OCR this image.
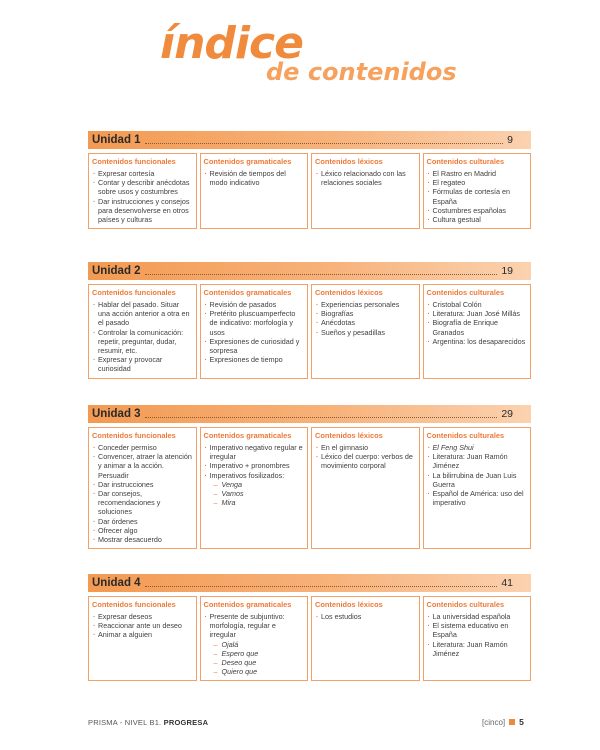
índice
de contenidos
Unidad 1	9
Contenidos funcionales
· Expresar cortesía
· Contar y describir anécdotas sobre usos y costumbres
· Dar instrucciones y consejos para desenvolverse en otros países y culturas
Contenidos gramaticales
· Revisión de tiempos del modo indicativo
Contenidos léxicos
· Léxico relacionado con las relaciones sociales
Contenidos culturales
· El Rastro en Madrid
· El regateo
· Fórmulas de cortesía en España
· Costumbres españolas
· Cultura gestual
Unidad 2	19
Contenidos funcionales
· Hablar del pasado. Situar una acción anterior a otra en el pasado
· Controlar la comunicación: repetir, preguntar, dudar, resumir, etc.
· Expresar y provocar curiosidad
Contenidos gramaticales
· Revisión de pasados
· Pretérito pluscuamperfecto de indicativo: morfología y usos
· Expresiones de curiosidad y sorpresa
· Expresiones de tiempo
Contenidos léxicos
· Experiencias personales
· Biografías
· Anécdotas
· Sueños y pesadillas
Contenidos culturales
· Cristobal Colón
· Literatura: Juan José Millás
· Biografía de Enrique Granados
· Argentina: los desaparecidos
Unidad 3	29
Contenidos funcionales
· Conceder permiso
· Convencer, atraer la atención y animar a la acción. Persuadir
· Dar instrucciones
· Dar consejos, recomendaciones y soluciones
· Dar órdenes
· Ofrecer algo
· Mostrar desacuerdo
Contenidos gramaticales
· Imperativo negativo regular e irregular
· Imperativo + pronombres
· Imperativos fosilizados:
– Venga
– Vamos
– Mira
Contenidos léxicos
· En el gimnasio
· Léxico del cuerpo: verbos de movimiento corporal
Contenidos culturales
· El Feng Shui
· Literatura: Juan Ramón Jiménez
· La bilirrubina de Juan Luis Guerra
· Español de América: uso del imperativo
Unidad 4	41
Contenidos funcionales
· Expresar deseos
· Reaccionar ante un deseo
· Animar a alguien
Contenidos gramaticales
· Presente de subjuntivo: morfología, regular e irregular
– Ojalá
– Espero que
– Deseo que
– Quiero que
Contenidos léxicos
· Los estudios
Contenidos culturales
· La universidad española
· El sistema educativo en España
· Literatura: Juan Ramón Jiménez
PRISMA - NIVEL B1. PROGRESA	[cinco] 5
